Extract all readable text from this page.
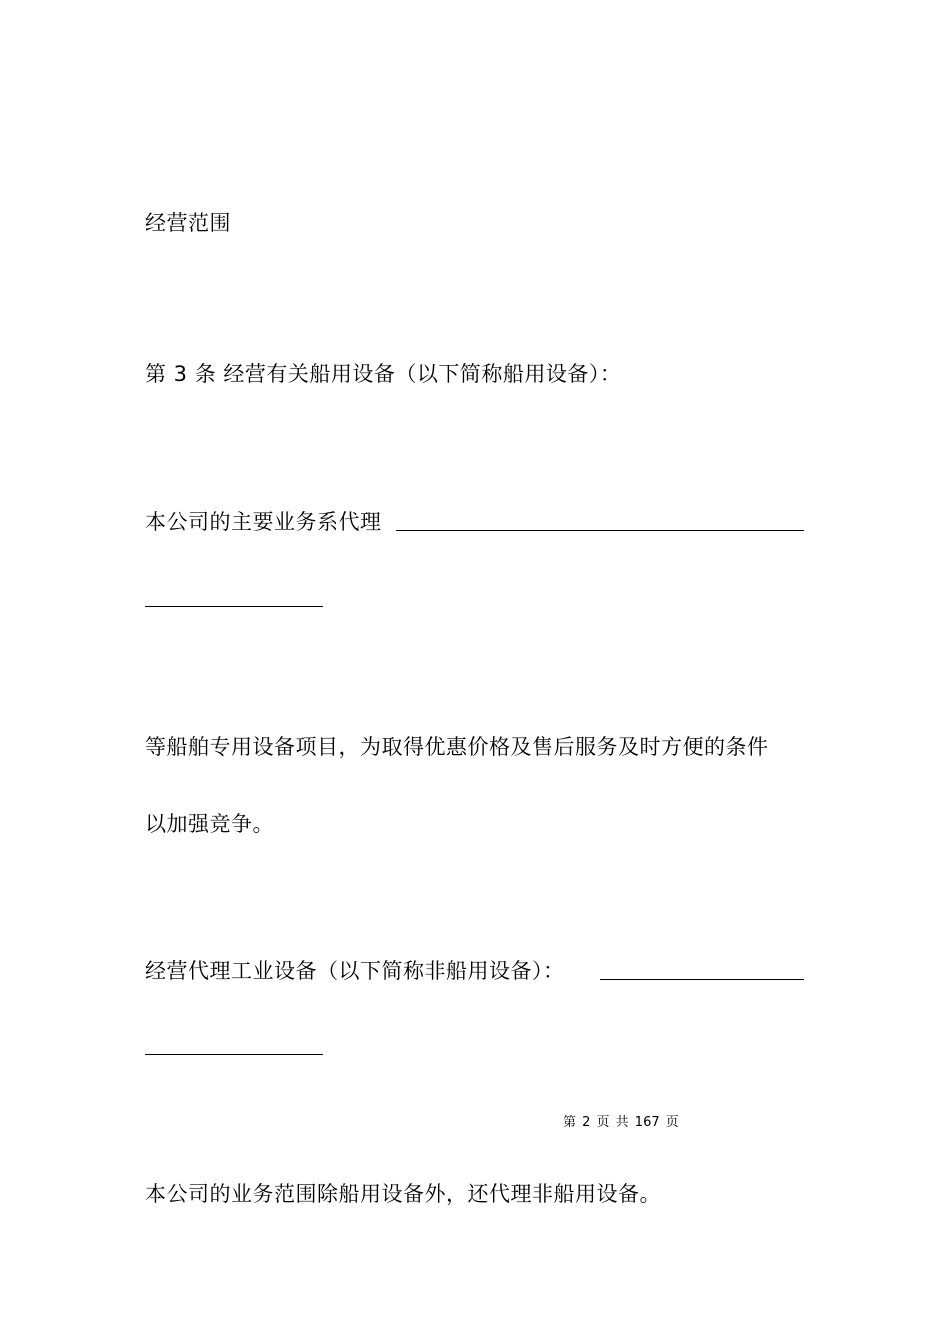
经营范围
第 3 条 经营有关船用设备（以下简称船用设备）：
本公司的主要业务系代理
等船舶专用设备项目，为取得优惠价格及售后服务及时方便的条件
以加强竞争。
经营代理工业设备（以下简称非船用设备）：
第 2 页 共 167 页
本公司的业务范围除船用设备外，还代理非船用设备。
